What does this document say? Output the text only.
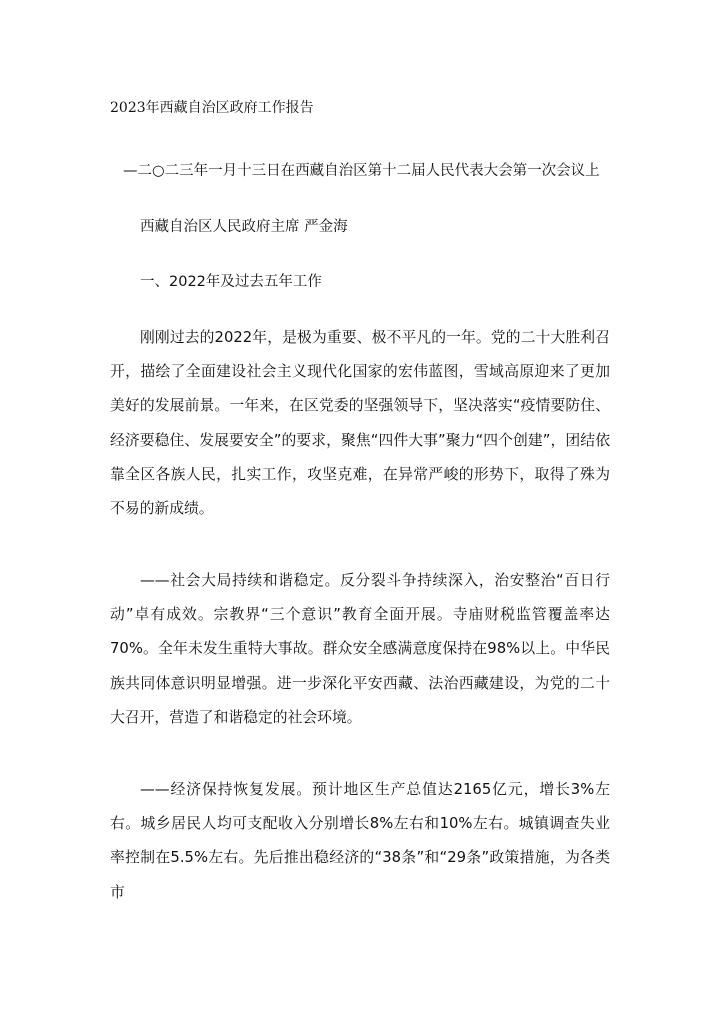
2023年西藏自治区政府工作报告
—二○二三年一月十三日在西藏自治区第十二届人民代表大会第一次会议上
西藏自治区人民政府主席 严金海
一、2022年及过去五年工作

刚刚过去的2022年，是极为重要、极不平凡的一年。党的二十大胜利召开，描绘了全面建设社会主义现代化国家的宏伟蓝图，雪域高原迎来了更加美好的发展前景。一年来，在区党委的坚强领导下，坚决落实“疫情要防住、经济要稳住、发展要安全”的要求，聚焦“四件大事”聚力“四个创建”，团结依靠全区各族人民，扎实工作，攻坚克难，在异常严峻的形势下，取得了殊为不易的新成绩。

——社会大局持续和谐稳定。反分裂斗争持续深入，治安整治“百日行动”卓有成效。宗教界“三个意识”教育全面开展。寺庙财税监管覆盖率达70%。全年未发生重特大事故。群众安全感满意度保持在98%以上。中华民族共同体意识明显增强。进一步深化平安西藏、法治西藏建设，为党的二十大召开，营造了和谐稳定的社会环境。

——经济保持恢复发展。预计地区生产总值达2165亿元，增长3%左右。城乡居民人均可支配收入分别增长8%左右和10%左右。城镇调查失业率控制在5.5%左右。先后推出稳经济的“38条”和“29条”政策措施，为各类市
